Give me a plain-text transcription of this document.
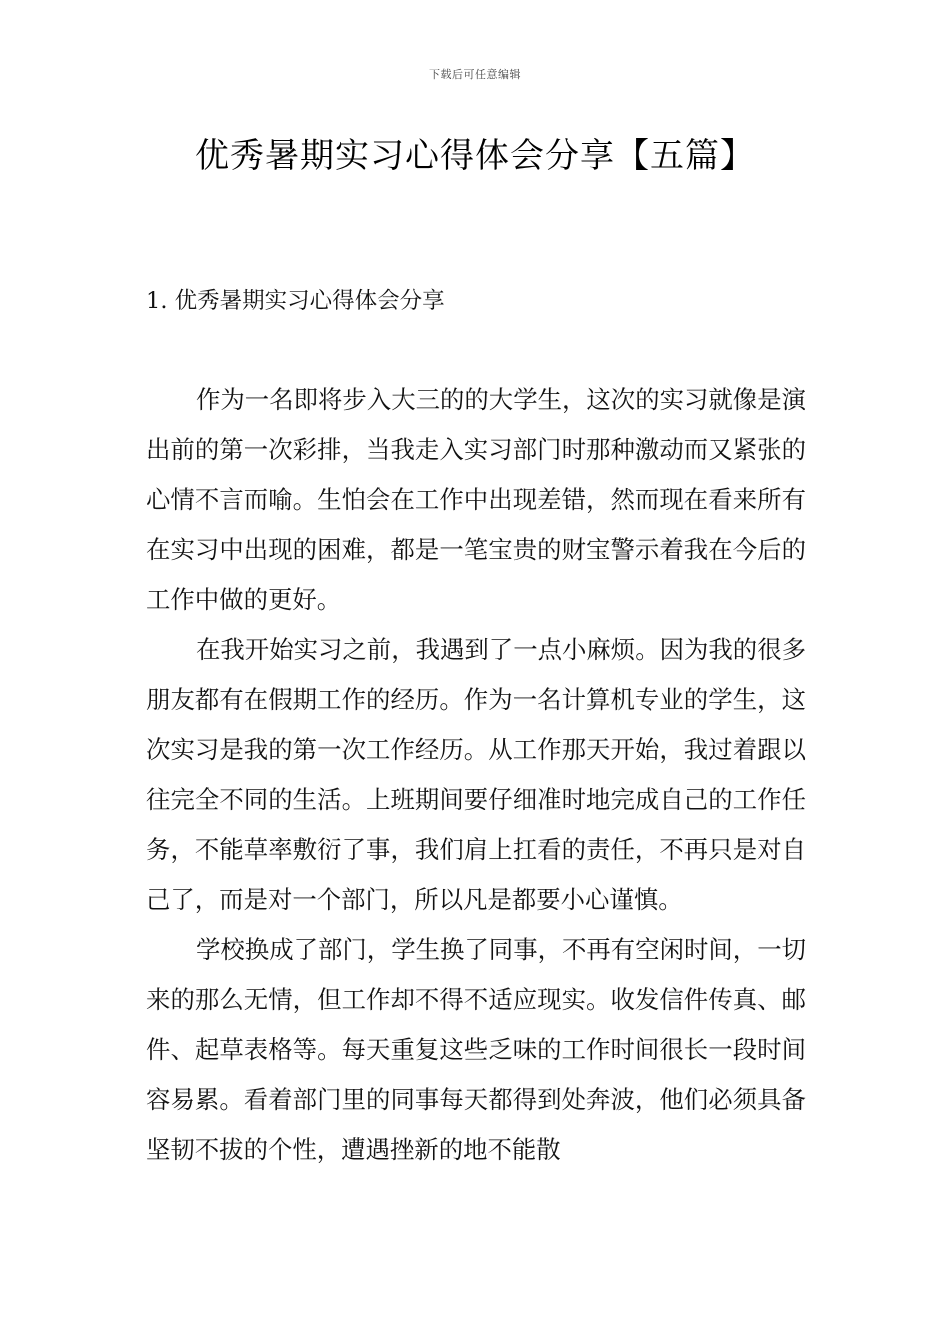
下载后可任意编辑
优秀暑期实习心得体会分享【五篇】
1. 优秀暑期实习心得体会分享

作为一名即将步入大三的的大学生，这次的实习就像是演出前的第一次彩排，当我走入实习部门时那种激动而又紧张的心情不言而喻。生怕会在工作中出现差错，然而现在看来所有在实习中出现的困难，都是一笔宝贵的财宝警示着我在今后的工作中做的更好。

在我开始实习之前，我遇到了一点小麻烦。因为我的很多朋友都有在假期工作的经历。作为一名计算机专业的学生，这次实习是我的第一次工作经历。从工作那天开始，我过着跟以往完全不同的生活。上班期间要仔细准时地完成自己的工作任务，不能草率敷衍了事，我们肩上扛看的责任，不再只是对自己了，而是对一个部门，所以凡是都要小心谨慎。

学校换成了部门，学生换了同事，不再有空闲时间，一切来的那么无情，但工作却不得不适应现实。收发信件传真、邮件、起草表格等。每天重复这些乏味的工作时间很长一段时间容易累。看着部门里的同事每天都得到处奔波，他们必须具备坚韧不拔的个性，遭遇挫新的地不能散
